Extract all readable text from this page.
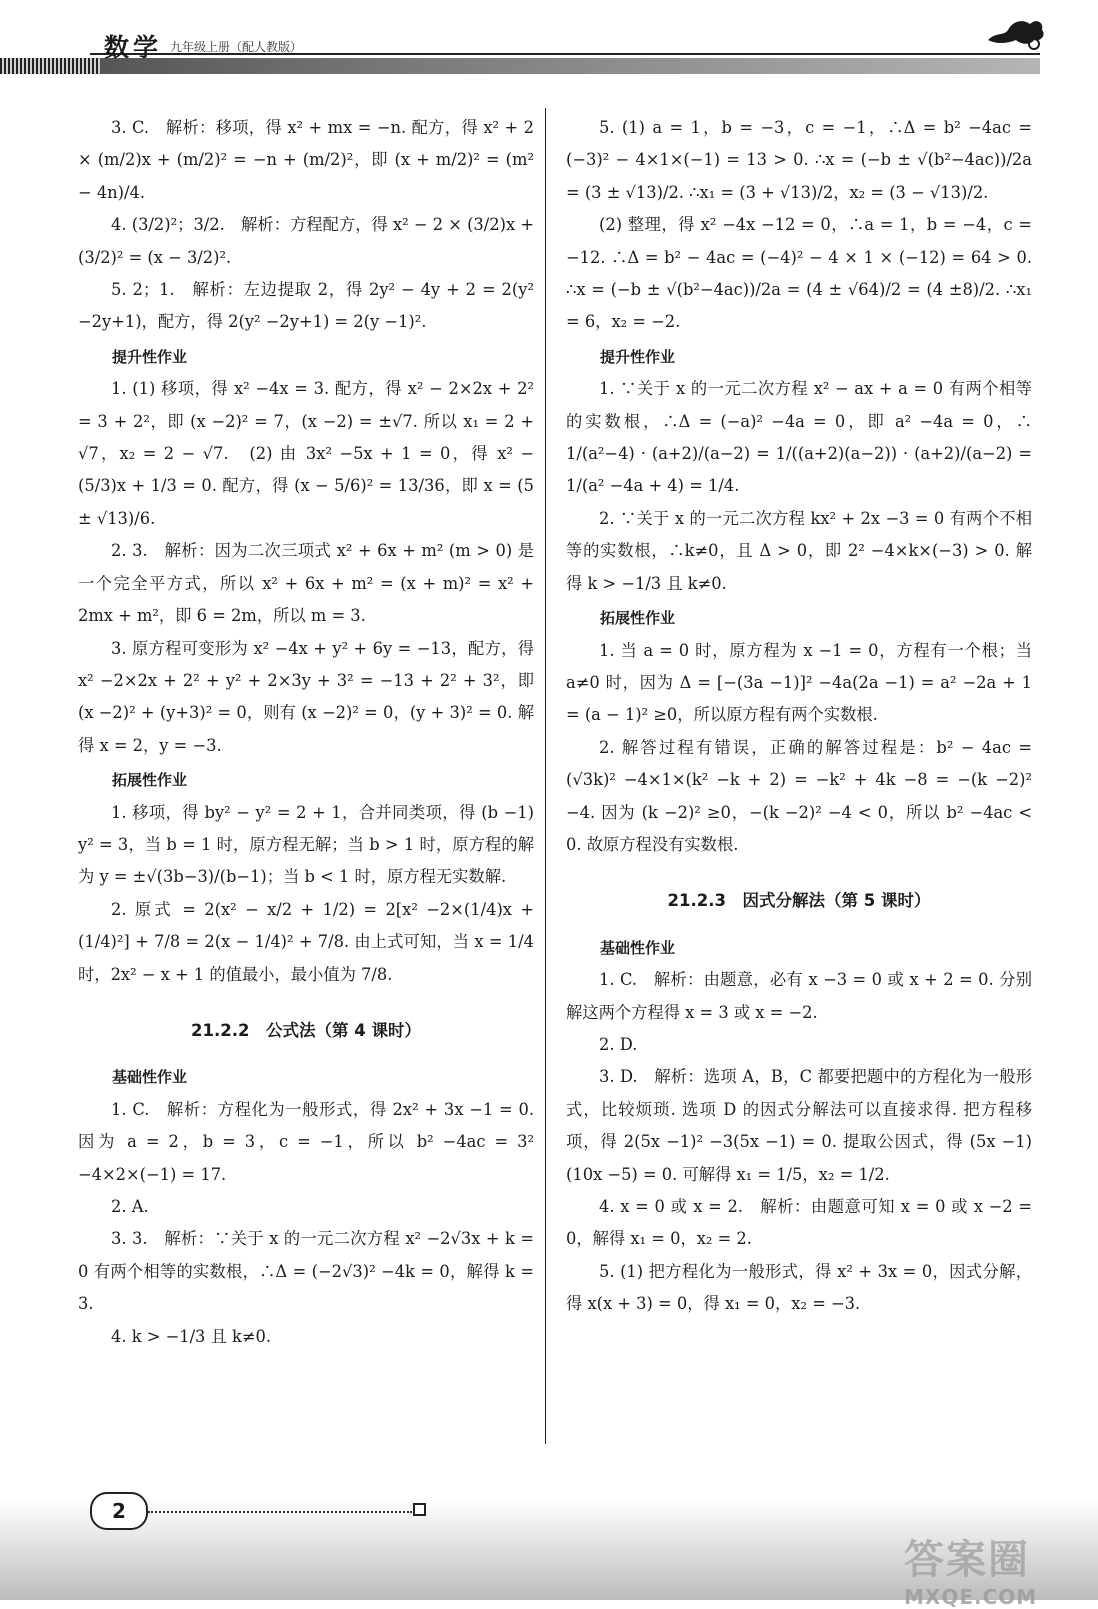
数学 九年级上册（配人教版）

3. C.　解析：移项，得 x² + mx = −n. 配方，得 x² + 2 × (m/2)x + (m/2)² = −n + (m/2)²，即 (x + m/2)² = (m² − 4n)/4.

4. (3/2)²；3/2.　解析：方程配方，得 x² − 2 × (3/2)x + (3/2)² = (x − 3/2)².

5. 2；1.　解析：左边提取 2，得 2y² − 4y + 2 = 2(y² −2y+1)，配方，得 2(y² −2y+1) = 2(y −1)².

提升性作业

1. (1) 移项，得 x² −4x = 3. 配方，得 x² − 2×2x + 2² = 3 + 2²，即 (x −2)² = 7，(x −2) = ±√7. 所以 x₁ = 2 + √7，x₂ = 2 − √7.　(2) 由 3x² −5x + 1 = 0，得 x² − (5/3)x + 1/3 = 0. 配方，得 (x − 5/6)² = 13/36，即 x = (5 ± √13)/6.

2. 3.　解析：因为二次三项式 x² + 6x + m² (m > 0) 是一个完全平方式，所以 x² + 6x + m² = (x + m)² = x² + 2mx + m²，即 6 = 2m，所以 m = 3.

3. 原方程可变形为 x² −4x + y² + 6y = −13，配方，得 x² −2×2x + 2² + y² + 2×3y + 3² = −13 + 2² + 3²，即 (x −2)² + (y+3)² = 0，则有 (x −2)² = 0，(y + 3)² = 0. 解得 x = 2，y = −3.

拓展性作业

1. 移项，得 by² − y² = 2 + 1，合并同类项，得 (b −1) y² = 3，当 b = 1 时，原方程无解；当 b > 1 时，原方程的解为 y = ±√(3b−3)/(b−1)；当 b < 1 时，原方程无实数解.

2. 原式 = 2(x² − x/2 + 1/2) = 2[x² −2×(1/4)x + (1/4)²] + 7/8 = 2(x − 1/4)² + 7/8. 由上式可知，当 x = 1/4 时，2x² − x + 1 的值最小，最小值为 7/8.

21.2.2　公式法（第 4 课时）
基础性作业

1. C.　解析：方程化为一般形式，得 2x² + 3x −1 = 0. 因为 a = 2，b = 3，c = −1，所以 b² −4ac = 3² −4×2×(−1) = 17.

2. A.

3. 3.　解析：∵关于 x 的一元二次方程 x² −2√3x + k = 0 有两个相等的实数根，∴Δ = (−2√3)² −4k = 0，解得 k = 3.

4. k > −1/3 且 k≠0.

5. (1) a = 1，b = −3，c = −1，∴Δ = b² −4ac = (−3)² − 4×1×(−1) = 13 > 0. ∴x = (−b ± √(b²−4ac))/2a = (3 ± √13)/2. ∴x₁ = (3 + √13)/2，x₂ = (3 − √13)/2.

(2) 整理，得 x² −4x −12 = 0，∴a = 1，b = −4，c = −12. ∴Δ = b² − 4ac = (−4)² − 4 × 1 × (−12) = 64 > 0. ∴x = (−b ± √(b²−4ac))/2a = (4 ± √64)/2 = (4 ±8)/2. ∴x₁ = 6，x₂ = −2.

提升性作业

1. ∵关于 x 的一元二次方程 x² − ax + a = 0 有两个相等的实数根，∴Δ = (−a)² −4a = 0，即 a² −4a = 0，∴ 1/(a²−4) · (a+2)/(a−2) = 1/((a+2)(a−2)) · (a+2)/(a−2) = 1/(a² −4a + 4) = 1/4.

2. ∵关于 x 的一元二次方程 kx² + 2x −3 = 0 有两个不相等的实数根，∴k≠0，且 Δ > 0，即 2² −4×k×(−3) > 0. 解得 k > −1/3 且 k≠0.

拓展性作业

1. 当 a = 0 时，原方程为 x −1 = 0，方程有一个根；当 a≠0 时，因为 Δ = [−(3a −1)]² −4a(2a −1) = a² −2a + 1 = (a − 1)² ≥0，所以原方程有两个实数根.

2. 解答过程有错误，正确的解答过程是：b² − 4ac = (√3k)² −4×1×(k² −k + 2) = −k² + 4k −8 = −(k −2)² −4. 因为 (k −2)² ≥0，−(k −2)² −4 < 0，所以 b² −4ac < 0. 故原方程没有实数根.

21.2.3　因式分解法（第 5 课时）
基础性作业

1. C.　解析：由题意，必有 x −3 = 0 或 x + 2 = 0. 分别解这两个方程得 x = 3 或 x = −2.

2. D.

3. D.　解析：选项 A，B，C 都要把题中的方程化为一般形式，比较烦琐. 选项 D 的因式分解法可以直接求得. 把方程移项，得 2(5x −1)² −3(5x −1) = 0. 提取公因式，得 (5x −1)(10x −5) = 0. 可解得 x₁ = 1/5，x₂ = 1/2.

4. x = 0 或 x = 2.　解析：由题意可知 x = 0 或 x −2 = 0，解得 x₁ = 0，x₂ = 2.

5. (1) 把方程化为一般形式，得 x² + 3x = 0，因式分解，得 x(x + 3) = 0，得 x₁ = 0，x₂ = −3.

2
答案圈
MXQE.COM
